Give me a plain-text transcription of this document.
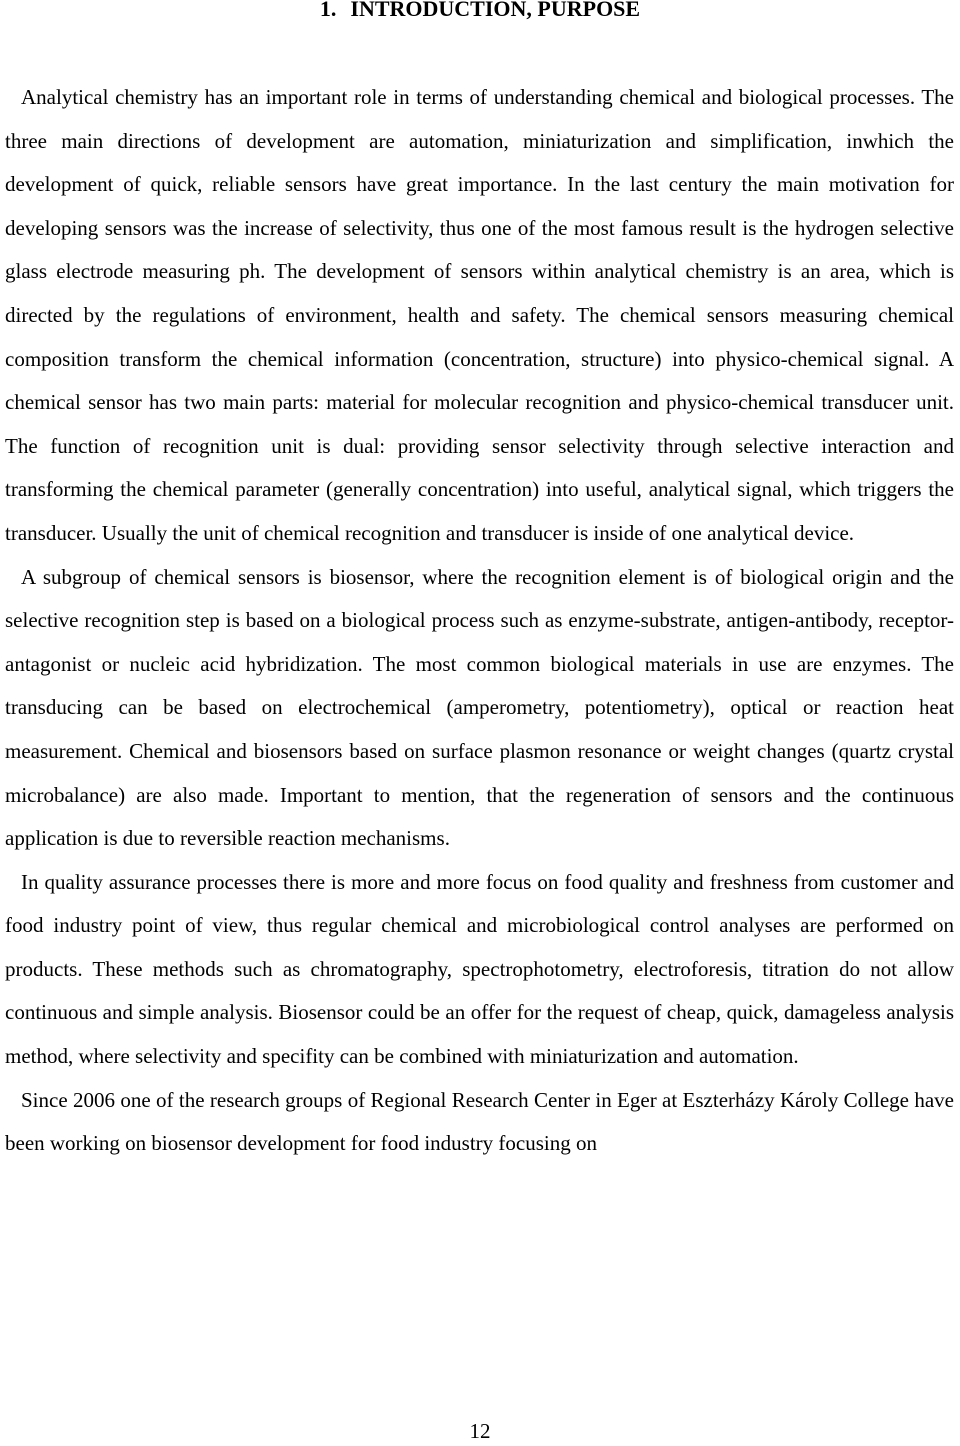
1. INTRODUCTION, PURPOSE

Analytical chemistry has an important role in terms of understanding chemical and biological processes. The three main directions of development are automation, miniaturization and simplification, inwhich the development of quick, reliable sensors have great importance. In the last century the main motivation for developing sensors was the increase of selectivity, thus one of the most famous result is the hydrogen selective glass electrode measuring ph. The development of sensors within analytical chemistry is an area, which is directed by the regulations of environment, health and safety. The chemical sensors measuring chemical composition transform the chemical information (concentration, structure) into physico-chemical signal. A chemical sensor has two main parts: material for molecular recognition and physico-chemical transducer unit. The function of recognition unit is dual: providing sensor selectivity through selective interaction and transforming the chemical parameter (generally concentration) into useful, analytical signal, which triggers the transducer. Usually the unit of chemical recognition and transducer is inside of one analytical device.

A subgroup of chemical sensors is biosensor, where the recognition element is of biological origin and the selective recognition step is based on a biological process such as enzyme-substrate, antigen-antibody, receptor-antagonist or nucleic acid hybridization. The most common biological materials in use are enzymes. The transducing can be based on electrochemical (amperometry, potentiometry), optical or reaction heat measurement. Chemical and biosensors based on surface plasmon resonance or weight changes (quartz crystal microbalance) are also made. Important to mention, that the regeneration of sensors and the continuous application is due to reversible reaction mechanisms.

In quality assurance processes there is more and more focus on food quality and freshness from customer and food industry point of view, thus regular chemical and microbiological control analyses are performed on products. These methods such as chromatography, spectrophotometry, electroforesis, titration do not allow continuous and simple analysis. Biosensor could be an offer for the request of cheap, quick, damageless analysis method, where selectivity and specifity can be combined with miniaturization and automation.

Since 2006 one of the research groups of Regional Research Center in Eger at Eszterházy Károly College have been working on biosensor development for food industry focusing on

12
